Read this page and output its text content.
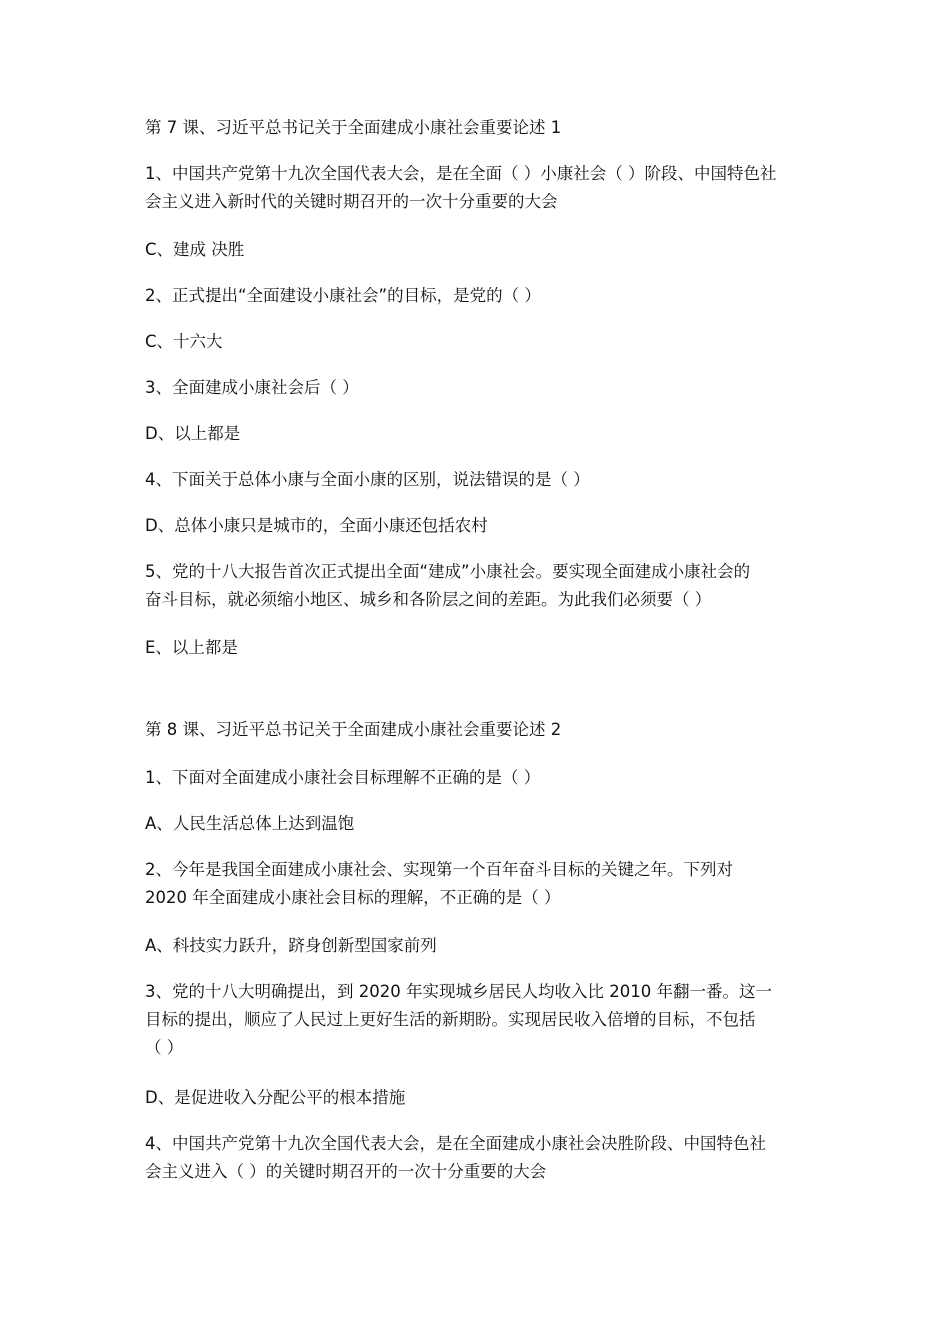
第 7 课、习近平总书记关于全面建成小康社会重要论述 1

1、中国共产党第十九次全国代表大会，是在全面（ ）小康社会（ ）阶段、中国特色社
会主义进入新时代的关键时期召开的一次十分重要的大会

C、建成 决胜

2、正式提出“全面建设小康社会”的目标，是党的（ ）

C、十六大

3、全面建成小康社会后（ ）

D、以上都是

4、下面关于总体小康与全面小康的区别，说法错误的是（ ）

D、总体小康只是城市的，全面小康还包括农村

5、党的十八大报告首次正式提出全面“建成”小康社会。要实现全面建成小康社会的
奋斗目标，就必须缩小地区、城乡和各阶层之间的差距。为此我们必须要（ ）

E、以上都是

第 8 课、习近平总书记关于全面建成小康社会重要论述 2

1、下面对全面建成小康社会目标理解不正确的是（ ）

A、人民生活总体上达到温饱

2、今年是我国全面建成小康社会、实现第一个百年奋斗目标的关键之年。下列对
2020 年全面建成小康社会目标的理解，不正确的是（ ）

A、科技实力跃升，跻身创新型国家前列

3、党的十八大明确提出，到 2020 年实现城乡居民人均收入比 2010 年翻一番。这一
目标的提出，顺应了人民过上更好生活的新期盼。实现居民收入倍增的目标，不包括
（ ）

D、是促进收入分配公平的根本措施

4、中国共产党第十九次全国代表大会，是在全面建成小康社会决胜阶段、中国特色社
会主义进入（ ）的关键时期召开的一次十分重要的大会
